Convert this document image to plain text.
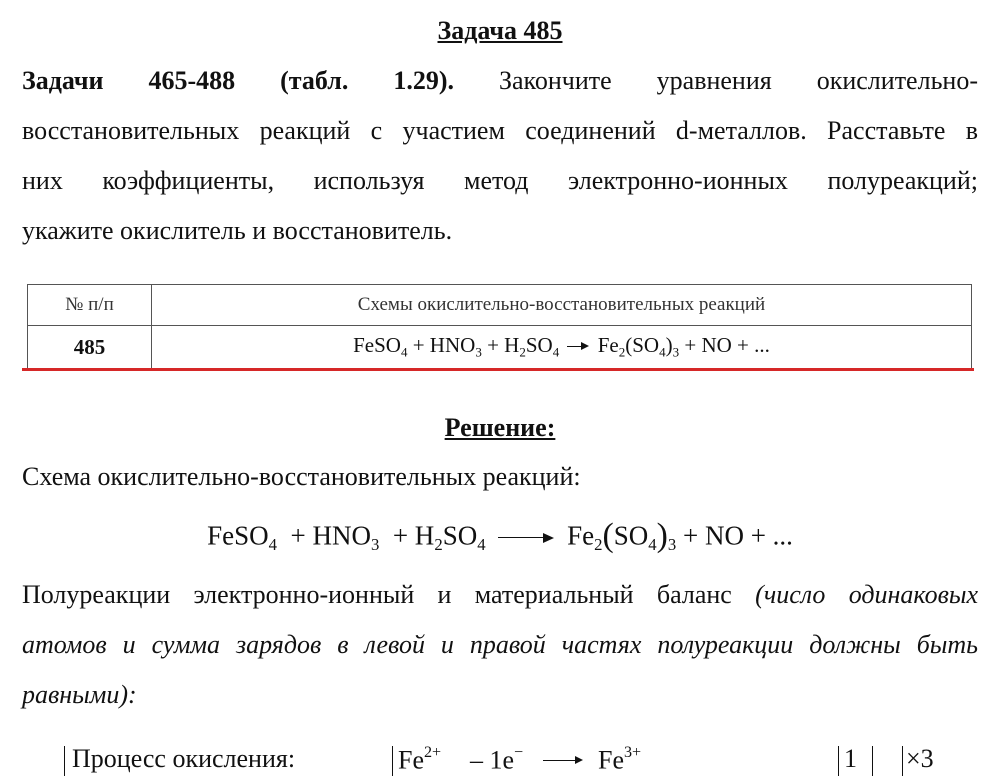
Задача 485
Задачи 465-488 (табл. 1.29). Закончите уравнения окислительно-
восстановительных реакций с участием соединений d-металлов. Расставьте в
них коэффициенты, используя метод электронно-ионных полуреакций;
укажите окислитель и восстановитель.
№ п/п	Схемы окислительно-восстановительных реакций
485	FeSO$_4$ + $HNO_3 + H_2SO_4$ $Fe_2(SO_4)_3$ + NO + ...
Решение:
Схема окислительно-восстановительных реакций:
FeSO$_4$ + $HNO_3 + H_2SO_4$	$Fe_2(SO_4)_3$ + NO + ...
Полуреакции электронно-ионный и материальный баланс (число одинаковых
атомов и сумма зарядов в левой и правой частях полуреакции должны быть
равными):
Процесс окисления:	$Fe^{2+} - 1e^-$	$Fe^{3+}$	1 ×3
